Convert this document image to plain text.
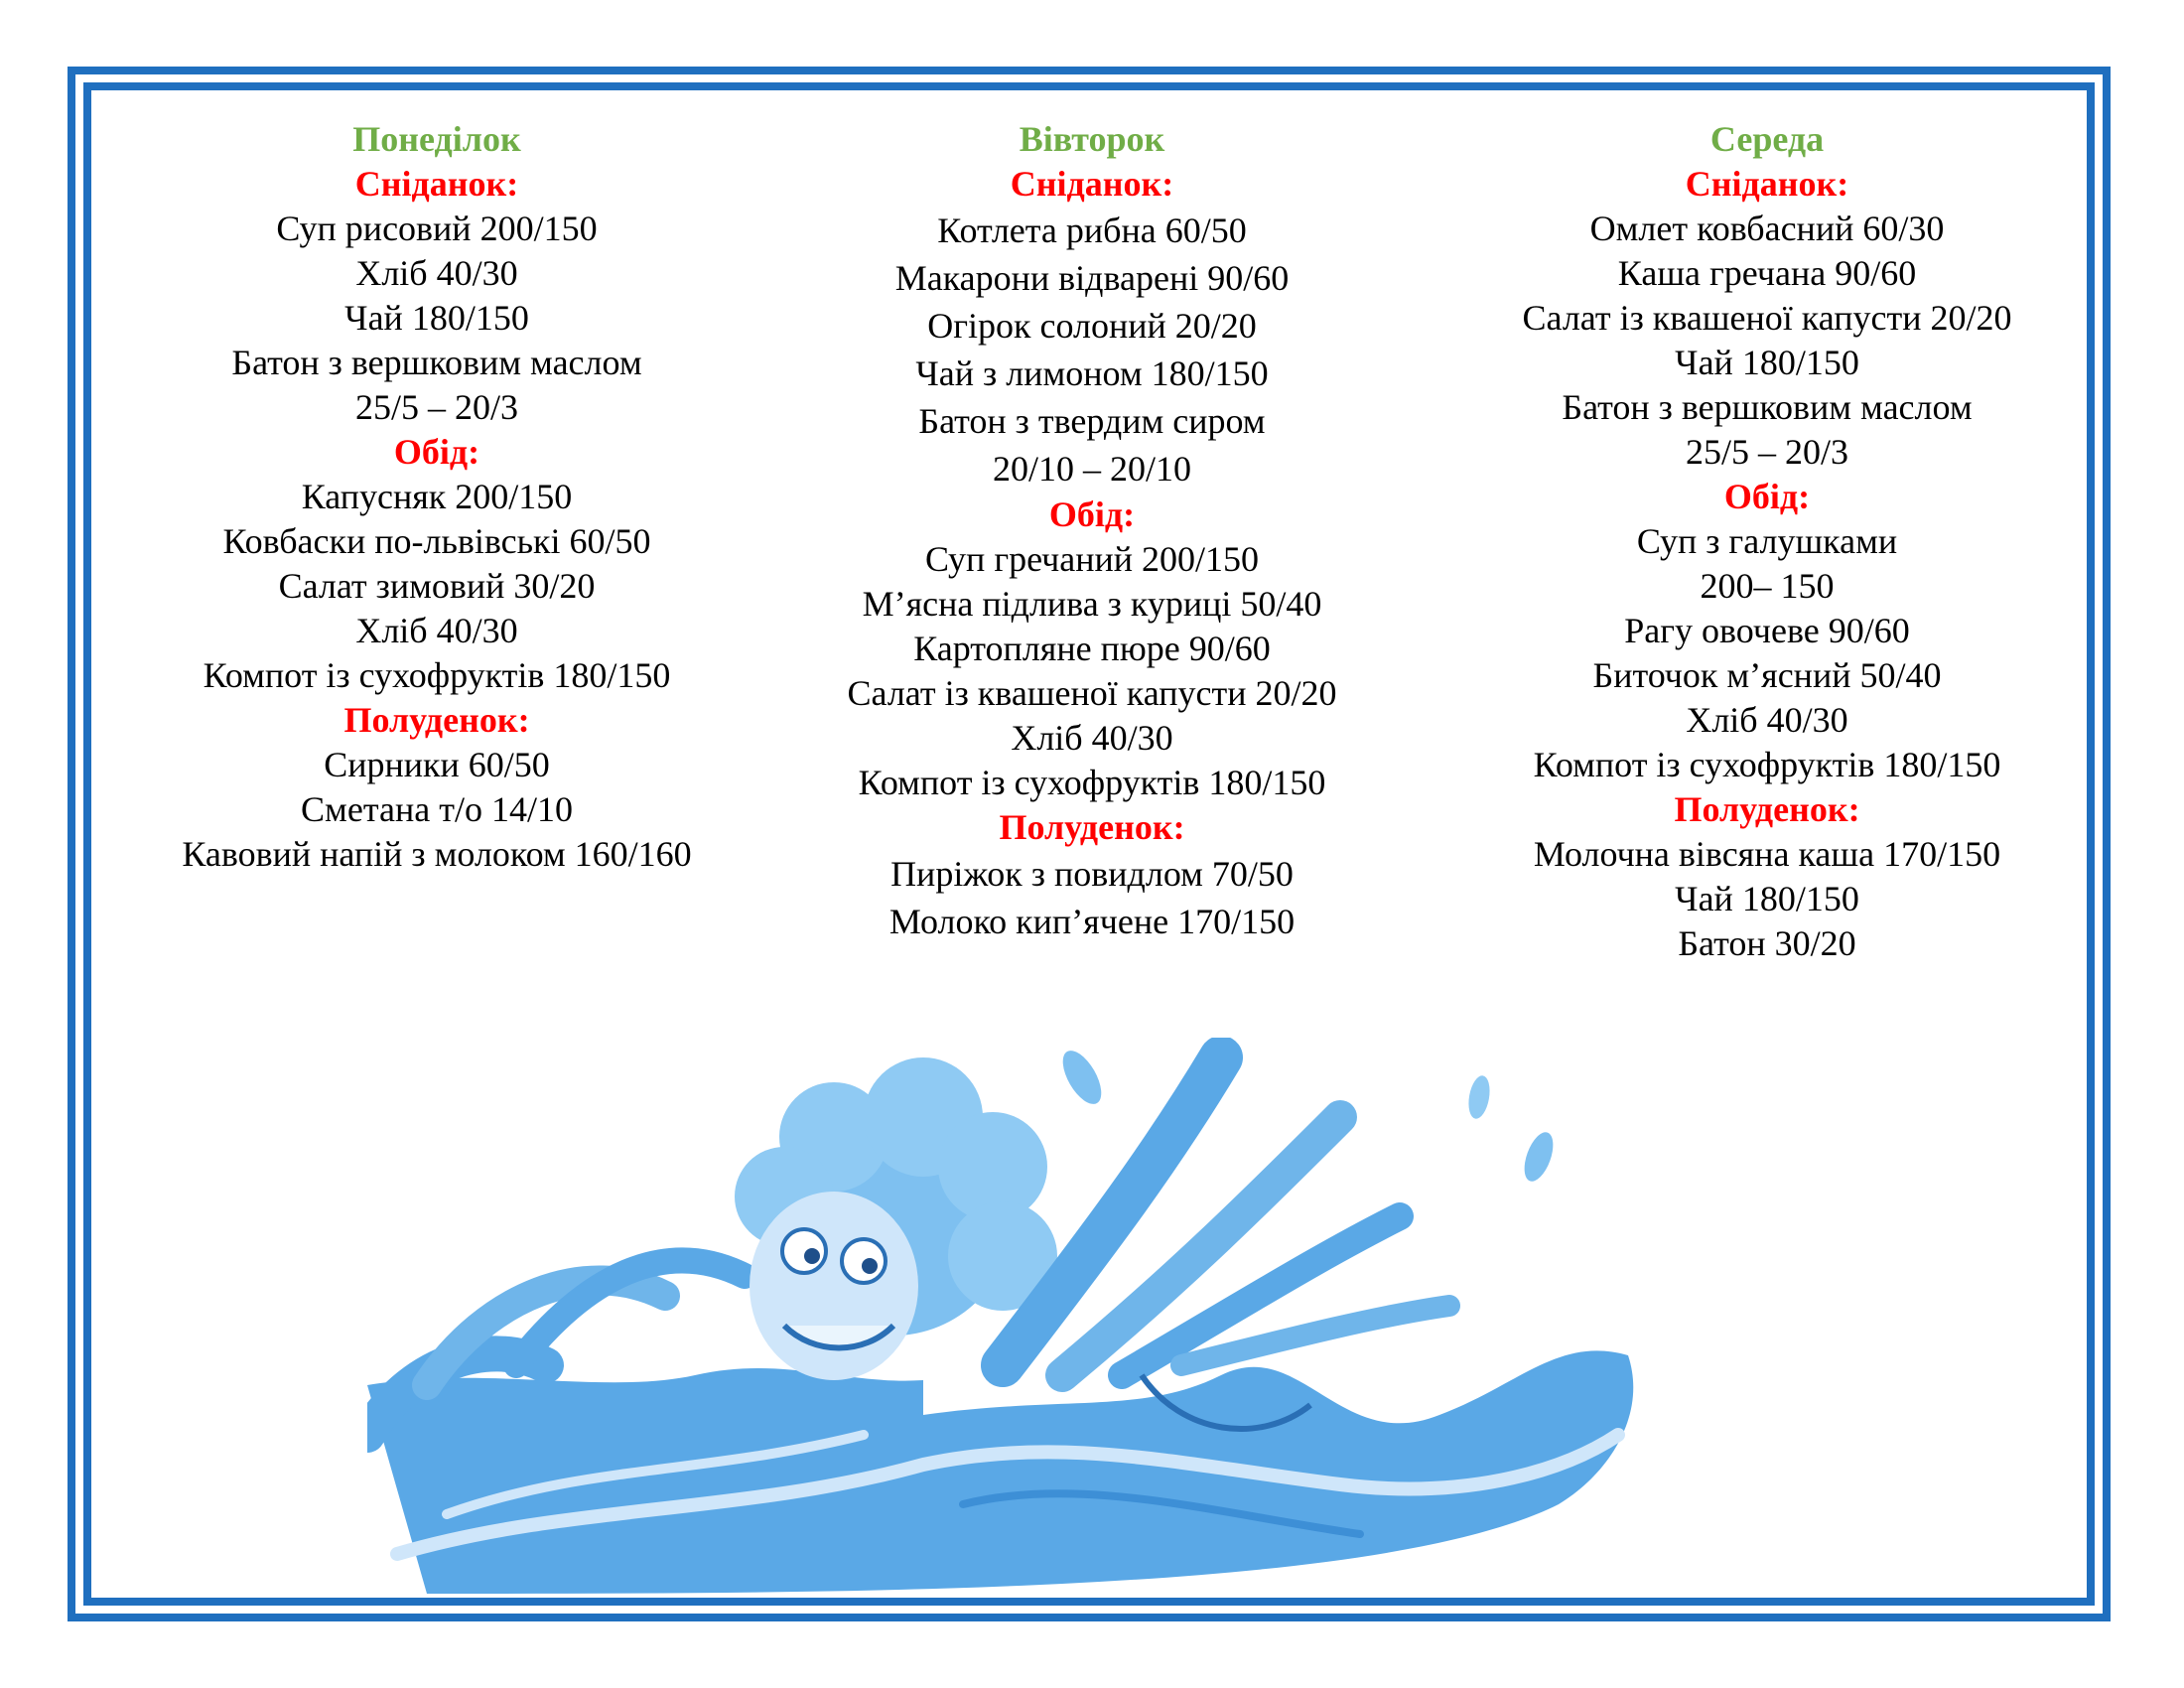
Понеділок
Сніданок:
Суп рисовий 200/150
Хліб 40/30
Чай 180/150
Батон з вершковим маслом
25/5 – 20/3
Обід:
Капусняк 200/150
Ковбаски по-львівські 60/50
Салат зимовий 30/20
Хліб 40/30
Компот із сухофруктів 180/150
Полуденок:
Сирники 60/50
Сметана т/о 14/10
Кавовий напій з молоком 160/160
Вівторок
Сніданок:
Котлета рибна 60/50
Макарони відварені 90/60
Огірок солоний 20/20
Чай з лимоном 180/150
Батон з твердим сиром
20/10 – 20/10
Обід:
Суп гречаний 200/150
М’ясна підлива з куриці 50/40
Картопляне пюре 90/60
Салат із квашеної капусти 20/20
Хліб 40/30
Компот із сухофруктів 180/150
Полуденок:
Пиріжок з повидлом 70/50
Молоко кип’ячене 170/150
Середа
Сніданок:
Омлет ковбасний 60/30
Каша гречана 90/60
Салат із квашеної капусти 20/20
Чай 180/150
Батон з вершковим маслом
25/5 – 20/3
Обід:
Суп з галушками
200– 150
Рагу овочеве 90/60
Биточок м’ясний 50/40
Хліб 40/30
Компот із сухофруктів 180/150
Полуденок:
Молочна вівсяна каша 170/150
Чай 180/150
Батон 30/20
